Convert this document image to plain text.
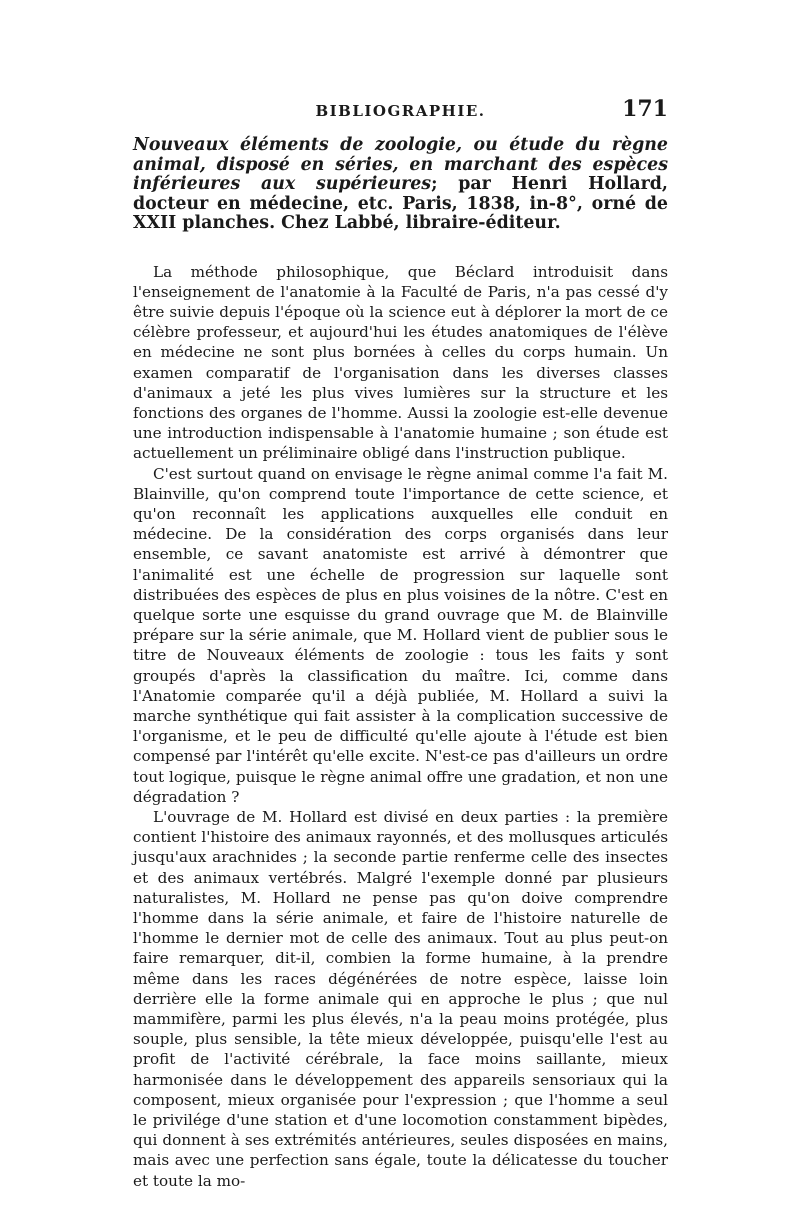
BIBLIOGRAPHIE.	171

Nouveaux éléments de zoologie, ou étude du règne animal, disposé en séries, en marchant des espèces inférieures aux supérieures; par Henri Hollard, docteur en médecine, etc. Paris, 1838, in-8°, orné de XXII planches. Chez Labbé, libraire-éditeur.

La méthode philosophique, que Béclard introduisit dans l'enseignement de l'anatomie à la Faculté de Paris, n'a pas cessé d'y être suivie depuis l'époque où la science eut à déplorer la mort de ce célèbre professeur, et aujourd'hui les études anatomiques de l'élève en médecine ne sont plus bornées à celles du corps humain. Un examen comparatif de l'organisation dans les diverses classes d'animaux a jeté les plus vives lumières sur la structure et les fonctions des organes de l'homme. Aussi la zoologie est-elle devenue une introduction indispensable à l'anatomie humaine ; son étude est actuellement un préliminaire obligé dans l'instruction publique.

C'est surtout quand on envisage le règne animal comme l'a fait M. Blainville, qu'on comprend toute l'importance de cette science, et qu'on reconnaît les applications auxquelles elle conduit en médecine. De la considération des corps organisés dans leur ensemble, ce savant anatomiste est arrivé à démontrer que l'animalité est une échelle de progression sur laquelle sont distribuées des espèces de plus en plus voisines de la nôtre. C'est en quelque sorte une esquisse du grand ouvrage que M. de Blainville prépare sur la série animale, que M. Hollard vient de publier sous le titre de Nouveaux éléments de zoologie : tous les faits y sont groupés d'après la classification du maître. Ici, comme dans l'Anatomie comparée qu'il a déjà publiée, M. Hollard a suivi la marche synthétique qui fait assister à la complication successive de l'organisme, et le peu de difficulté qu'elle ajoute à l'étude est bien compensé par l'intérêt qu'elle excite. N'est-ce pas d'ailleurs un ordre tout logique, puisque le règne animal offre une gradation, et non une dégradation ?

L'ouvrage de M. Hollard est divisé en deux parties : la première contient l'histoire des animaux rayonnés, et des mollusques articulés jusqu'aux arachnides ; la seconde partie renferme celle des insectes et des animaux vertébrés. Malgré l'exemple donné par plusieurs naturalistes, M. Hollard ne pense pas qu'on doive comprendre l'homme dans la série animale, et faire de l'histoire naturelle de l'homme le dernier mot de celle des animaux. Tout au plus peut-on faire remarquer, dit-il, combien la forme humaine, à la prendre même dans les races dégénérées de notre espèce, laisse loin derrière elle la forme animale qui en approche le plus ; que nul mammifère, parmi les plus élevés, n'a la peau moins protégée, plus souple, plus sensible, la tête mieux développée, puisqu'elle l'est au profit de l'activité cérébrale, la face moins saillante, mieux harmonisée dans le développement des appareils sensoriaux qui la composent, mieux organisée pour l'expression ; que l'homme a seul le privilége d'une station et d'une locomotion constamment bipèdes, qui donnent à ses extrémités antérieures, seules disposées en mains, mais avec une perfection sans égale, toute la délicatesse du toucher et toute la mo-
